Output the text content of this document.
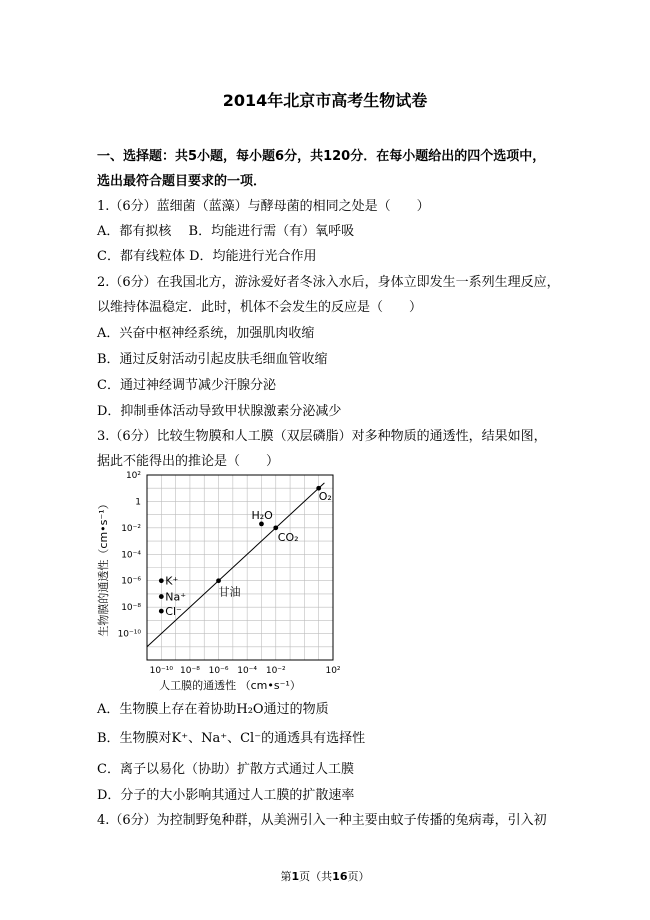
2014年北京市高考生物试卷
一、选择题：共5小题，每小题6分，共120分．在每小题给出的四个选项中，
选出最符合题目要求的一项．
1.（6分）蓝细菌（蓝藻）与酵母菌的相同之处是（　　）
A．都有拟核　 B．均能进行需（有）氧呼吸
C．都有线粒体 D．均能进行光合作用
2.（6分）在我国北方，游泳爱好者冬泳入水后，身体立即发生一系列生理反应，
以维持体温稳定．此时，机体不会发生的反应是（　　）
A．兴奋中枢神经系统，加强肌肉收缩
B．通过反射活动引起皮肤毛细血管收缩
C．通过神经调节减少汗腺分泌
D．抑制垂体活动导致甲状腺激素分泌减少
3.（6分）比较生物膜和人工膜（双层磷脂）对多种物质的通透性，结果如图，
据此不能得出的推论是（　　）
10⁻¹⁰ 10⁻⁸ 10⁻⁶ 10⁻⁴ 10⁻²	10²
10²
1
10⁻²
10⁻⁴
10⁻⁶
10⁻⁸
10⁻¹⁰
O₂
H₂O
CO₂
甘油
K⁺
Na⁺
Cl⁻
生物膜的通透性（cm•s⁻¹）
人工膜的通透性 （cm•s⁻¹）
A．生物膜上存在着协助H₂O通过的物质
B．生物膜对K⁺、Na⁺、Cl⁻的通透具有选择性
C．离子以易化（协助）扩散方式通过人工膜
D．分子的大小影响其通过人工膜的扩散速率
4.（6分）为控制野兔种群，从美洲引入一种主要由蚊子传播的兔病毒，引入初
第1页（共16页）
